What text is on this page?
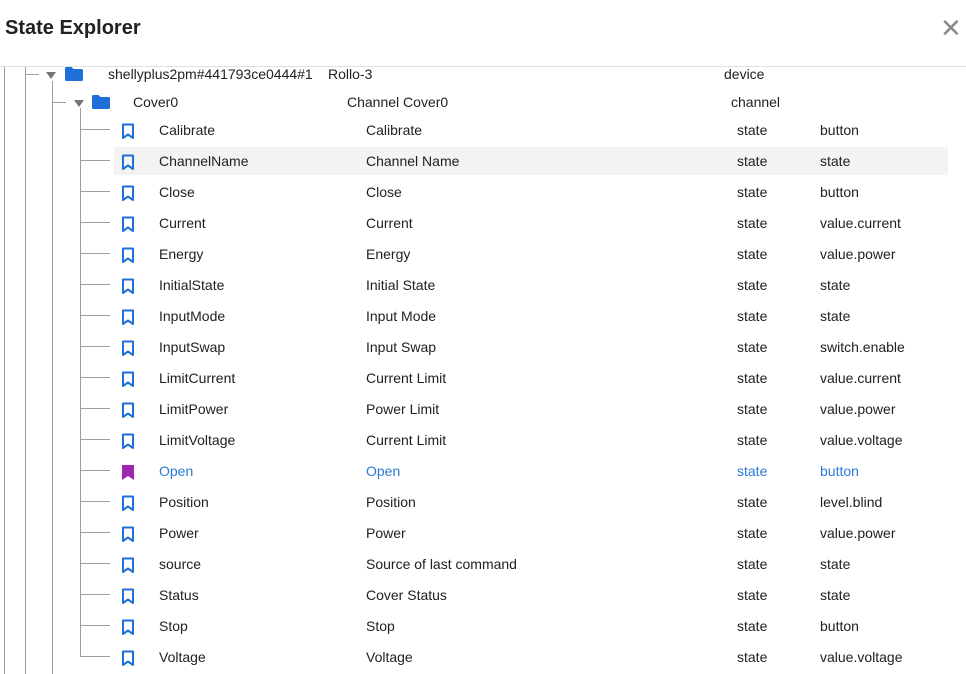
State Explorer	✕
shellyplus2pm#441793ce0444#1 Rollo-3	device
Cover0	Channel Cover0	channel
Calibrate	Calibrate	state	button
ChannelName	Channel Name	state	state
Close	Close	state	button
Current	Current	state	value.current
Energy	Energy	state	value.power
InitialState	Initial State	state	state
InputMode	Input Mode	state	state
InputSwap	Input Swap	state	switch.enable
LimitCurrent	Current Limit	state	value.current
LimitPower	Power Limit	state	value.power
LimitVoltage	Current Limit	state	value.voltage
Open	Open	state	button
Position	Position	state	level.blind
Power	Power	state	value.power
source	Source of last command	state	state
Status	Cover Status	state	state
Stop	Stop	state	button
Voltage	Voltage	state	value.voltage
